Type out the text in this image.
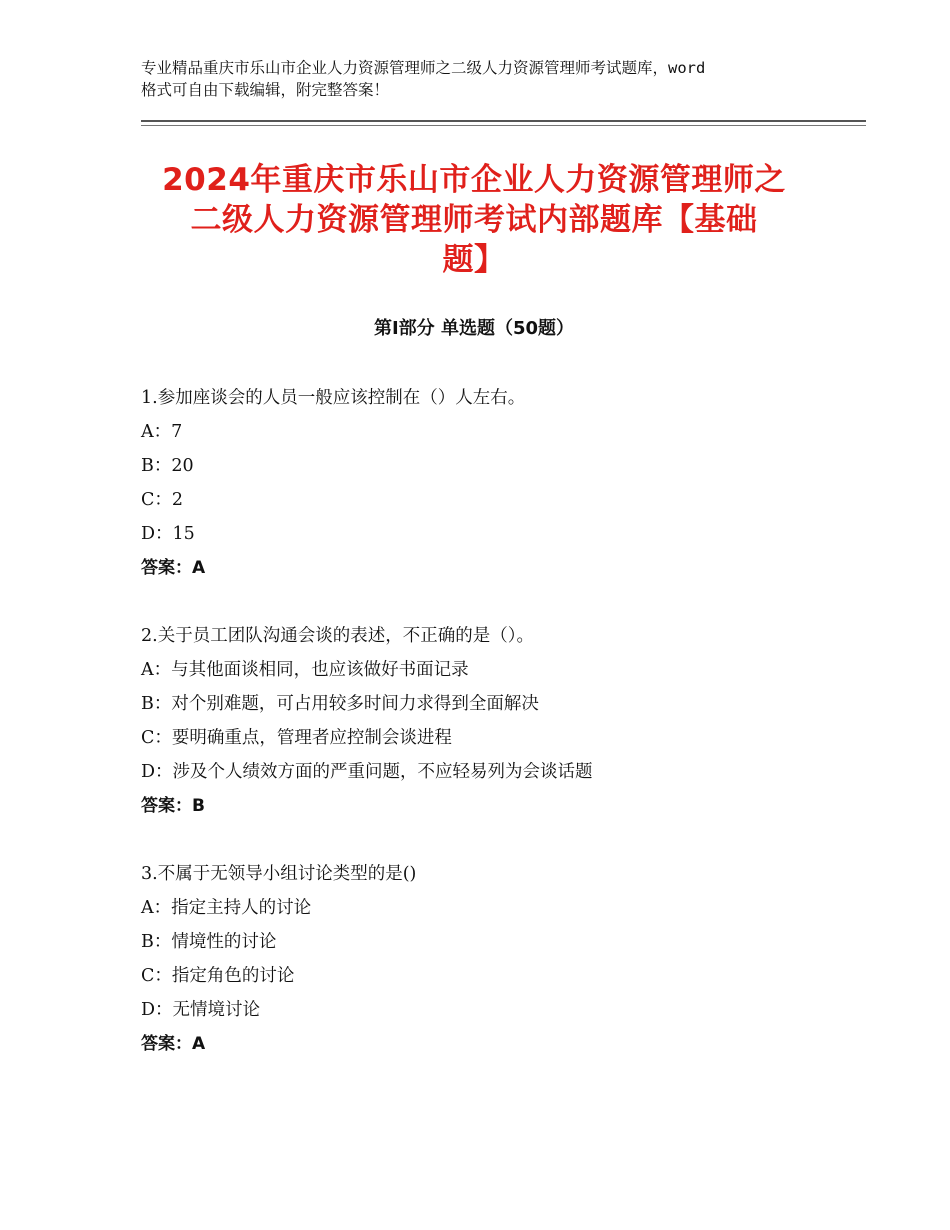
专业精品重庆市乐山市企业人力资源管理师之二级人力资源管理师考试题库，word

格式可自由下载编辑，附完整答案！

2024年重庆市乐山市企业人力资源管理师之
二级人力资源管理师考试内部题库【基础
题】
第Ⅰ部分 单选题（50题）
1.参加座谈会的人员一般应该控制在（）人左右。
A：7
B：20
C：2
D：15
答案：A
2.关于员工团队沟通会谈的表述，不正确的是（）。
A：与其他面谈相同，也应该做好书面记录
B：对个别难题，可占用较多时间力求得到全面解决
C：要明确重点，管理者应控制会谈进程
D：涉及个人绩效方面的严重问题，不应轻易列为会谈话题
答案：B
3.不属于无领导小组讨论类型的是()
A：指定主持人的讨论
B：情境性的讨论
C：指定角色的讨论
D：无情境讨论
答案：A
